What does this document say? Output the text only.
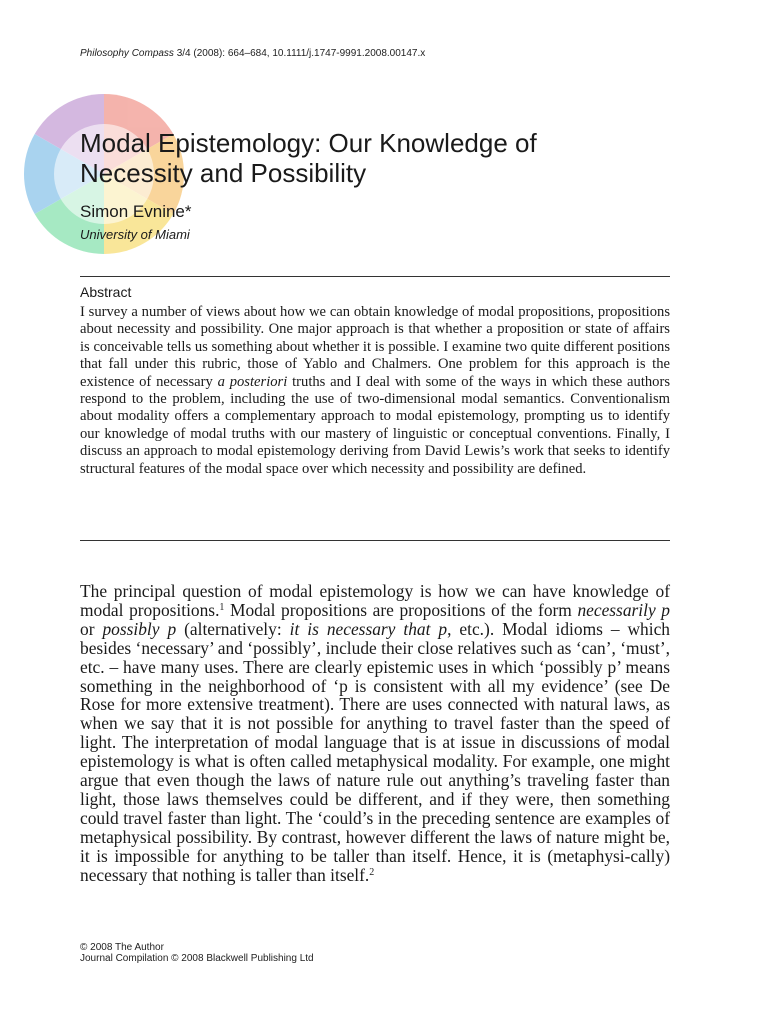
Philosophy Compass 3/4 (2008): 664–684, 10.1111/j.1747-9991.2008.00147.x
Modal Epistemology: Our Knowledge of Necessity and Possibility
Simon Evnine*
University of Miami
Abstract

I survey a number of views about how we can obtain knowledge of modal propositions, propositions about necessity and possibility. One major approach is that whether a proposition or state of affairs is conceivable tells us something about whether it is possible. I examine two quite different positions that fall under this rubric, those of Yablo and Chalmers. One problem for this approach is the existence of necessary a posteriori truths and I deal with some of the ways in which these authors respond to the problem, including the use of two-dimensional modal semantics. Conventionalism about modality offers a complementary approach to modal epistemology, prompting us to identify our knowledge of modal truths with our mastery of linguistic or conceptual conventions. Finally, I discuss an approach to modal epistemology deriving from David Lewis’s work that seeks to identify structural features of the modal space over which necessity and possibility are defined.

The principal question of modal epistemology is how we can have knowledge of modal propositions.$^1$ Modal propositions are propositions of the form necessarily p or possibly p (alternatively: it is necessary that p, etc.). Modal idioms – which besides ‘necessary’ and ‘possibly’, include their close relatives such as ‘can’, ‘must’, etc. – have many uses. There are clearly epistemic uses in which ‘possibly p’ means something in the neighborhood of ‘p is consistent with all my evidence’ (see De Rose for more extensive treatment). There are uses connected with natural laws, as when we say that it is not possible for anything to travel faster than the speed of light. The interpretation of modal language that is at issue in discussions of modal epistemology is what is often called metaphysical modality. For example, one might argue that even though the laws of nature rule out anything’s traveling faster than light, those laws themselves could be different, and if they were, then something could travel faster than light. The ‘could’s in the preceding sentence are examples of metaphysical possibility. By contrast, however different the laws of nature might be, it is impossible for anything to be taller than itself. Hence, it is (metaphysi-cally) necessary that nothing is taller than itself.$^2$

© 2008 The Author
Journal Compilation © 2008 Blackwell Publishing Ltd
